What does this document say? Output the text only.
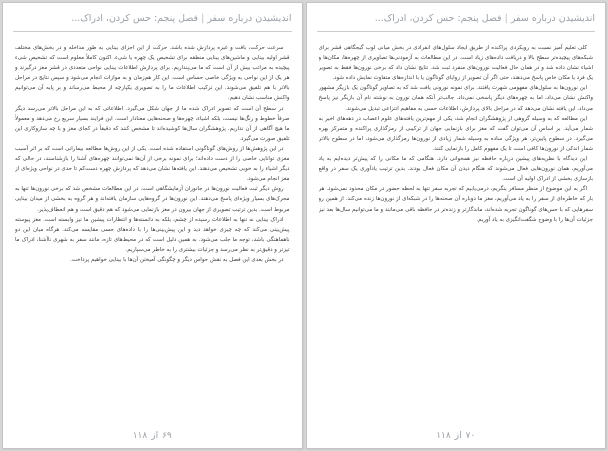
اندیشیدن درباره سفر|فصل پنجم: حس کردن، ادراک...

سرعت حرکت، بافت و غیره پردازش شده باشد. حرکت از این اجزای بینایی به طور مداخله و در بخش‌های مختلف قشر اولیه بینایی و ماشین‌های بینایی منطقه برای تشخیص یک چهره یا شیء. اکنون کاملاً معلوم است که تشخیص شیء پیچیده به مراتب بیش از آن است که ما می‌پنداریم. برای پردازش اطلاعات بینایی نواحی متعددی در قشر مغز درگیرند و هر یک از این نواحی به ویژگی خاصی حساس است. این کار هم‌زمان و به موازات انجام می‌شود و سپس نتایج در مراحل بالاتر با هم تلفیق می‌شوند. این ترکیب اطلاعات ما را به تصویری یکپارچه از محیط می‌رساند و بر پایه آن می‌توانیم واکنش مناسب نشان دهیم.

در سطح آن است که تصویر ادراک شده ما از جهان شکل می‌گیرد. اطلاعاتی که به این مراحل بالاتر می‌رسد دیگر صرفاً خطوط و رنگ‌ها نیست، بلکه اشیاء، چهره‌ها و صحنه‌هایی معنادار است. این فرایند بسیار سریع رخ می‌دهد و معمولاً ما هیچ آگاهی از آن نداریم. پژوهشگران سال‌ها کوشیده‌اند تا مشخص کنند که دقیقاً در کجای مغز و با چه سازوکاری این تلفیق صورت می‌گیرد.

در این پژوهش‌ها از روش‌های گوناگونی استفاده شده است. یکی از این روش‌ها مطالعه بیمارانی است که بر اثر آسیب مغزی توانایی خاصی را از دست داده‌اند؛ برای نمونه برخی از آن‌ها نمی‌توانند چهره‌های آشنا را بازشناسند، در حالی که دیگر اشیاء را به خوبی تشخیص می‌دهند. این یافته‌ها نشان می‌دهد که پردازش چهره دست‌کم تا حدی در نواحی ویژه‌ای از مغز انجام می‌شود.

روش دیگر ثبت فعالیت نورون‌ها در جانوران آزمایشگاهی است. در این مطالعات مشخص شد که برخی نورون‌ها تنها به محرک‌های بسیار ویژه‌ای پاسخ می‌دهند. این نورون‌ها در گروه‌هایی سازمان یافته‌اند و هر گروه به بخشی از میدان بینایی مربوط است. بدین ترتیب تصویری از جهان بیرون در مغز بازنمایی می‌شود که هم دقیق است و هم انعطاف‌پذیر.

ادراک بینایی نه تنها به اطلاعات رسیده از چشم، بلکه به دانسته‌ها و انتظارات پیشین ما نیز وابسته است. مغز پیوسته پیش‌بینی می‌کند که چه چیزی خواهد دید و این پیش‌بینی‌ها را با داده‌های حسی مقایسه می‌کند. هرگاه میان این دو ناهماهنگی باشد، توجه ما جلب می‌شود. به همین دلیل است که در محیط‌های تازه، مانند سفر به شهری ناآشنا، ادراک ما تیزتر و دقیق‌تر به نظر می‌رسد و جزئیات بیشتری را به خاطر می‌سپاریم.

در بخش بعدی این فصل به نقش حواس دیگر و چگونگی آمیختن آن‌ها با بینایی خواهیم پرداخت.

۶۹از۱۱۸
اندیشیدن درباره سفر|فصل پنجم: حس کردن، ادراک...

کلی تعلیم آمیز نسبت به رویکردی پراکنده از طریق ایجاد سلول‌های انفرادی در بخش میانی لوب گیجگاهی قشر برای شبکه‌های پیچیده‌تر سطح بالا و دریافت داده‌های زیاد است. در این مطالعات به آزمودنی‌ها تصاویری از چهره‌ها، مکان‌ها و اشیاء نشان داده شد و در همان حال فعالیت نورون‌های منفرد ثبت شد. نتایج نشان داد که برخی نورون‌ها فقط به تصویر یک فرد یا مکان خاص پاسخ می‌دهند، حتی اگر آن تصویر از زوایای گوناگون یا با اندازه‌های متفاوت نمایش داده شود.

این نورون‌ها به سلول‌های مفهومی شهرت یافتند. برای نمونه نورونی یافت شد که به تصاویر گوناگون یک بازیگر مشهور واکنش نشان می‌داد، اما به چهره‌های دیگر پاسخی نمی‌داد. جالب‌تر آنکه همان نورون به نوشته نام آن بازیگر نیز پاسخ می‌داد. این یافته نشان می‌دهد که در مراحل بالای پردازش، اطلاعات حسی به مفاهیم انتزاعی تبدیل می‌شوند.

این مطالعه که به وسیله گروهی از پژوهشگران انجام شد، یکی از مهم‌ترین یافته‌های علوم اعصاب در دهه‌های اخیر به شمار می‌آید. بر اساس آن می‌توان گفت که مغز برای بازنمایی جهان از ترکیبی از رمزگذاری پراکنده و متمرکز بهره می‌گیرد. در سطوح پایین‌تر، هر ویژگی ساده به وسیله شمار زیادی از نورون‌ها رمزگذاری می‌شود، اما در سطوح بالاتر شمار اندکی از نورون‌ها کافی است تا یک مفهوم کامل را بازنمایی کنند.

این دیدگاه با نظریه‌های پیشین درباره حافظه نیز همخوانی دارد. هنگامی که ما مکانی را که پیش‌تر دیده‌ایم به یاد می‌آوریم، همان نورون‌هایی فعال می‌شوند که هنگام دیدن آن مکان فعال بودند. بدین ترتیب یادآوری یک سفر در واقع بازسازی بخشی از ادراک اولیه آن است.

اگر به این موضوع از منظر مسافر بنگریم، درمی‌یابیم که تجربه سفر تنها به لحظه حضور در مکان محدود نمی‌شود. هر بار که خاطره‌ای از سفر را به یاد می‌آوریم، مغز ما دوباره آن صحنه‌ها را در شبکه‌ای از نورون‌ها زنده می‌کند. از همین رو سفرهایی که با حس‌های گوناگون تجربه شده‌اند، ماندگارتر و زنده‌تر در حافظه باقی می‌مانند و ما می‌توانیم سال‌ها بعد نیز جزئیات آن‌ها را با وضوح شگفت‌انگیزی به یاد آوریم.

۷۰از۱۱۸
